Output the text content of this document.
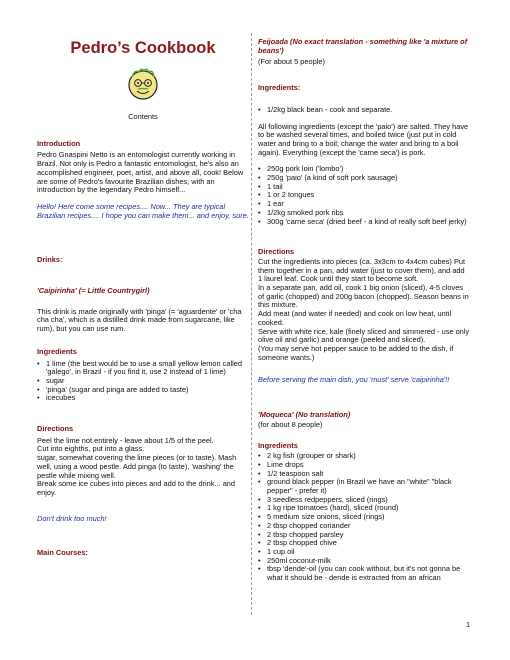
Pedro’s Cookbook

Contents

Introduction

Pedro Gnaspini Netto is an entomologist currently working in Brazil. Not only is Pedro a fantastic entomologist, he's also an accomplished engineer, poet, artist, and above all, cook! Below are some of Pedro's favourite Brazilian dishes, with an introduction by the legendary Pedro himself...

Hello! Here come some recipes.... Now... They are typical Brazilian recipes.... I hope you can make them... and enjoy, sure.

Drinks:

'Caipirinha' (= Little Countrygirl)

This drink is made originally with 'pinga' (= 'aguardente' or 'cha cha cha', which is a distilled drink made from sugarcane, like rum), but you can use rum.

Ingredients

• 1 lime (the best would be to use a small yellow lemon called 'galego', in Brazil - if you find it, use 2 instead of 1 lime)
• sugar
• 'pinga' (sugar and pinga are added to taste)
• icecubes

Directions

Peel the lime not entirely - leave about 1/5 of the peel.

Cut into eighths, put into a glass.

sugar, somewhat covering the lime pieces (or to taste). Mash well, using a wood pestle. Add pinga (to taste), 'washing' the pestle while mixing well.

Break some ice cubes into pieces and add to the drink... and enjoy.

Don't drink too much!

Main Courses:

Feijoada (No exact translation - something like 'a mixture of beans')

(For about 5 people)

Ingredients:

• 1/2kg black bean - cook and separate.

All following ingredients (except the 'paio') are salted. They have to be washed several times, and boiled twice (just put in cold water and bring to a boil; change the water and bring to a boil again). Everything (except the 'carne seca') is pork.

• 250g pork loin ('lombo')
• 250g 'paio' (a kind of soft pork sausage)
• 1 tail
• 1 or 2 tongues
• 1 ear
• 1/2kg smoked pork ribs
• 300g 'carne seca' (dried beef - a kind of really soft beef jerky)

Directions

Cut the ingredients into pieces (ca. 3x3cm to 4x4cm cubes) Put them together in a pan, add water (just to cover them), and add 1 laurel leaf. Cook until they start to become soft.

In a separate pan, add oil, cook 1 big onion (sliced), 4-5 cloves of garlic (chopped) and 200g bacon (chopped). Season beans in this mixture.

Add meat (and water if needed) and cook on low heat, until cooked.

Serve with white rice, kale (finely sliced and simmered - use only olive oil and garlic) and orange (peeled and sliced).

(You may serve hot pepper sauce to be added to the dish, if someone wants.)

Before serving the main dish, you 'must' serve 'caipirinha'!!

'Moqueca' (No translation)

(for about 8 people)

Ingredients

• 2 kg fish (grouper or shark)
• Lime drops
• 1/2 teaspoon salt
• ground black pepper (in Brazil we have an "white" "black pepper" - prefer it)
• 3 seedless redpeppers, sliced (rings)
• 1 kg ripe tomatoes (hard), sliced (round)
• 5 medium size onions, sliced (rings)
• 2 tbsp chopped coriander
• 2 tbsp chopped parsley
• 2 tbsp chopped chive
• 1 cup oil
• 250ml coconut-milk
• tbsp 'dende'-oil (you can cook without, but it's not gonna be what it should be - dende is extracted from an african
1
